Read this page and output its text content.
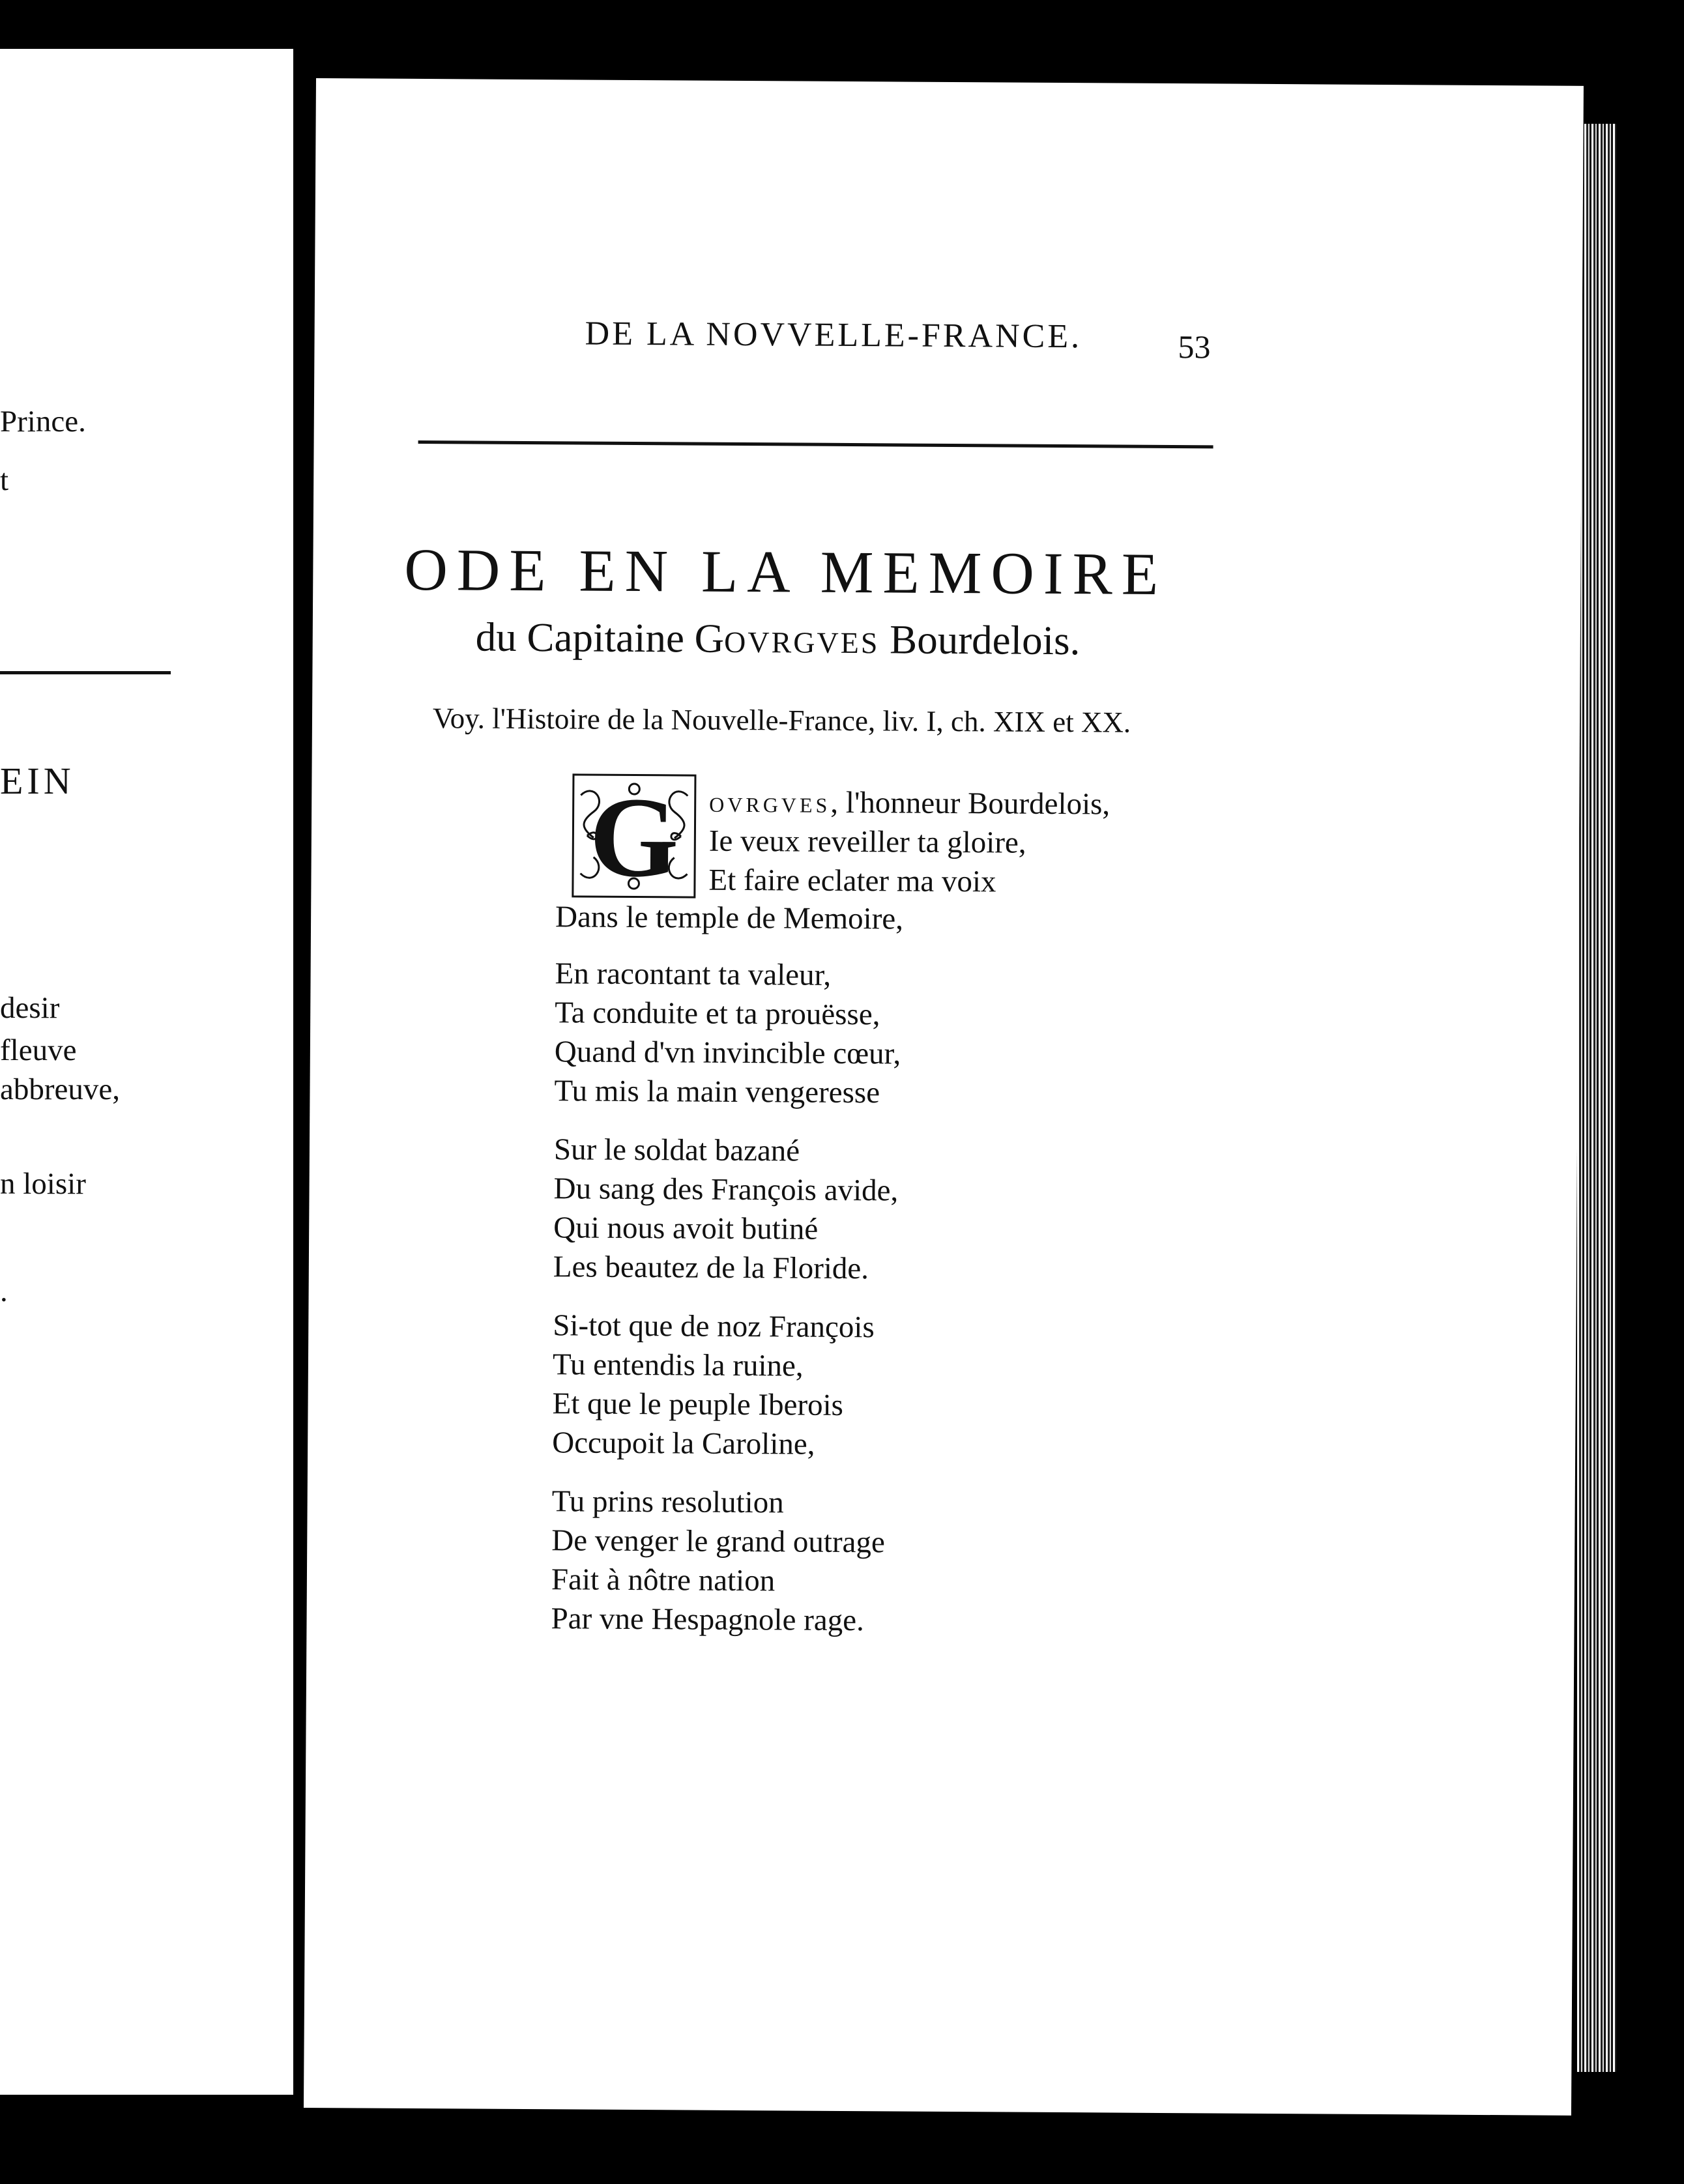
Prince.
t
EIN
desir
fleuve
abbreuve,
n loisir
.
DE LA NOVVELLE-FRANCE.	53
ODE EN LA MEMOIRE
du Capitaine GOVRGVES Bourdelois.
Voy. l'Histoire de la Nouvelle-France, liv. I, ch. XIX et XX.
G	OVRGVES, l'honneur Bourdelois,
Ie veux reveiller ta gloire,
Et faire eclater ma voix
Dans le temple de Memoire,
En racontant ta valeur,
Ta conduite et ta prouësse,
Quand d'vn invincible cœur,
Tu mis la main vengeresse
Sur le soldat bazané
Du sang des François avide,
Qui nous avoit butiné
Les beautez de la Floride.
Si-tot que de noz François
Tu entendis la ruine,
Et que le peuple Iberois
Occupoit la Caroline,
Tu prins resolution
De venger le grand outrage
Fait à nôtre nation
Par vne Hespagnole rage.
